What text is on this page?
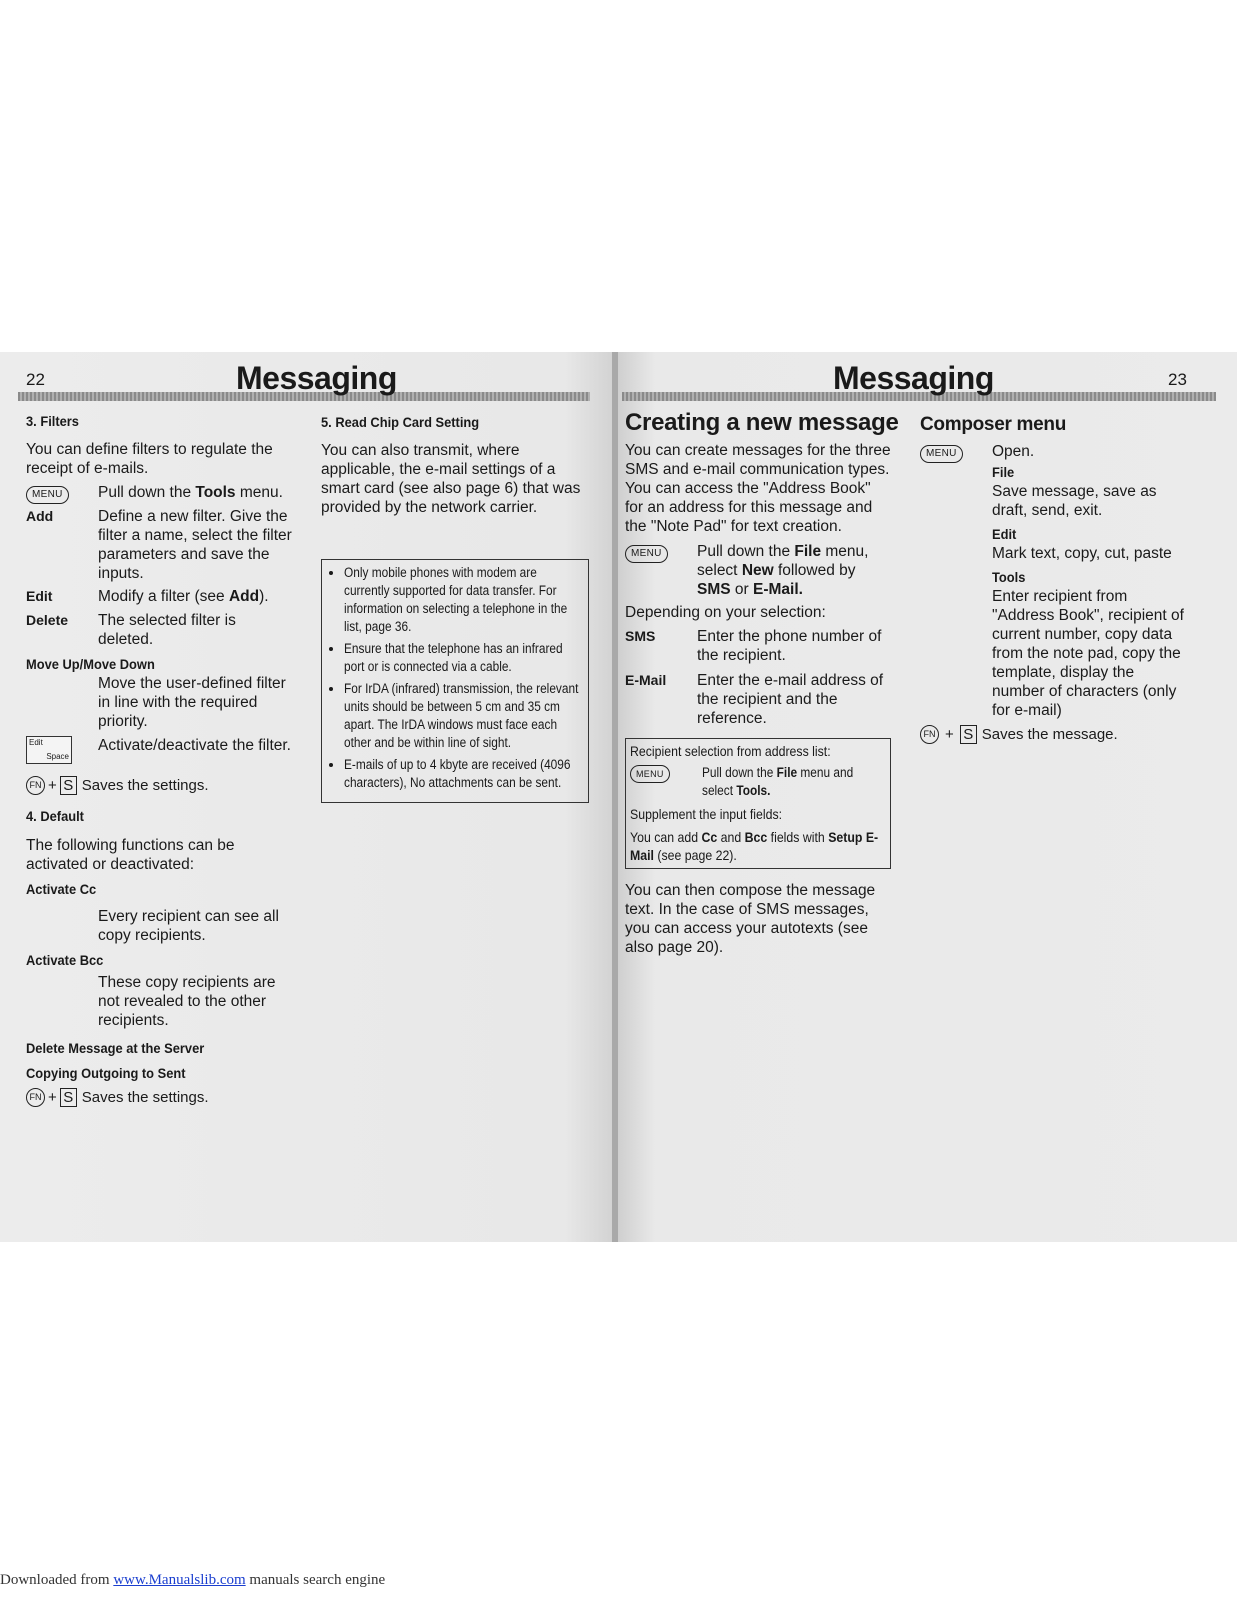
22	Messaging

3. Filters

You can define filters to regulate the receipt of e-mails.

MENU	Pull down the Tools menu.
Add	Define a new filter. Give the filter a name, select the filter parameters and save the inputs.
Edit	Modify a filter (see Add).
Delete	The selected filter is deleted.

Move Up/Move Down

Move the user-defined filter in line with the required priority.
Edit
Space
Activate/deactivate the filter.
FN + S Saves the settings.

4. Default

The following functions can be activated or deactivated:

Activate Cc

Every recipient can see all copy recipients.

Activate Bcc

These copy recipients are not revealed to the other recipients.

Delete Message at the Server

Copying Outgoing to Sent

FN + S Saves the settings.

5. Read Chip Card Setting

You can also transmit, where applicable, the e-mail settings of a smart card (see also page 6) that was provided by the network carrier.

• Only mobile phones with modem are currently supported for data transfer. For information on selecting a telephone in the list, page 36.
• Ensure that the telephone has an infrared port or is connected via a cable.
• For IrDA (infrared) transmission, the relevant units should be between 5 cm and 35 cm apart. The IrDA windows must face each other and be within line of sight.
• E-mails of up to 4 kbyte are received (4096 characters), No attachments can be sent.
Messaging	23

Creating a new message

You can create messages for the three SMS and e-mail communication types. You can access the "Address Book" for an address for this message and the "Note Pad" for text creation.

MENU	Pull down the File menu, select New followed by SMS or E-Mail.

Depending on your selection:

SMS	Enter the phone number of the recipient.
E-Mail	Enter the e-mail address of the recipient and the reference.
Recipient selection from address list:
MENU	Pull down the File menu and select Tools.
Supplement the input fields:
You can add Cc and Bcc fields with Setup E-Mail (see page 22).

You can then compose the message text. In the case of SMS messages, you can access your autotexts (see also page 20).

Composer menu

MENU	Open.

File

Save message, save as draft, send, exit.

Edit

Mark text, copy, cut, paste

Tools

Enter recipient from "Address Book", recipient of current number, copy data from the note pad, copy the template, display the number of characters (only for e-mail)

FN + S Saves the message.
Downloaded from www.Manualslib.com manuals search engine
